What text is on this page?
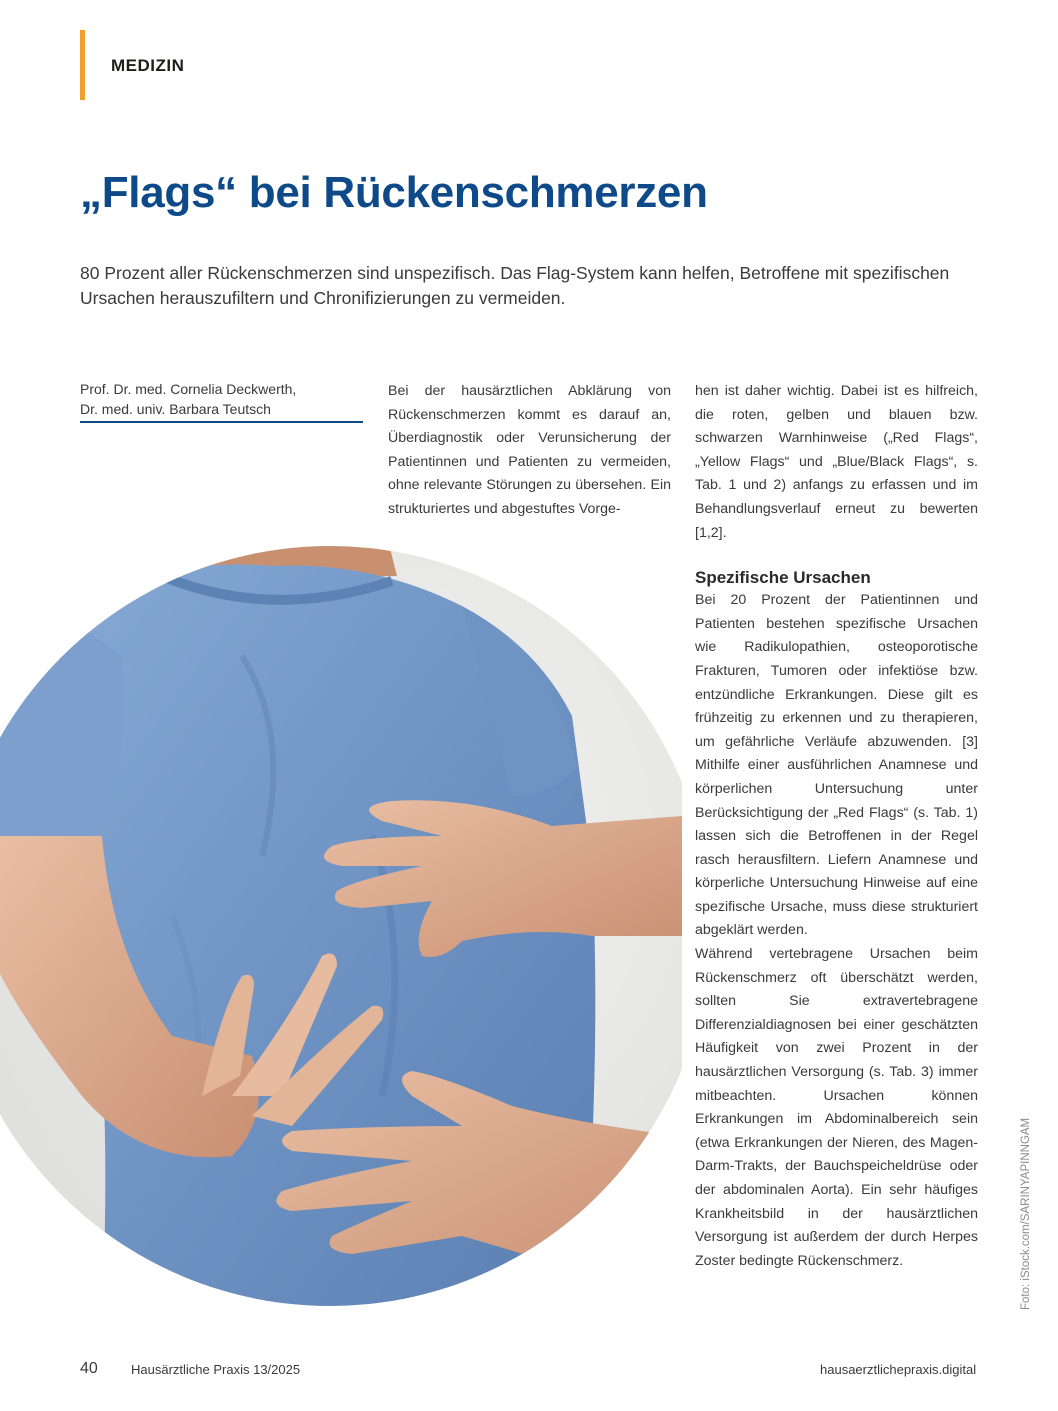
MEDIZIN
„Flags“ bei Rückenschmerzen
80 Prozent aller Rückenschmerzen sind unspezifisch. Das Flag-System kann helfen, Betroffene mit spezifischen Ursachen herauszufiltern und Chronifizierungen zu vermeiden.
Prof. Dr. med. Cornelia Deckwerth,
Dr. med. univ. Barbara Teutsch

Bei der hausärztlichen Abklärung von Rückenschmerzen kommt es darauf an, Überdiagnostik oder Verunsicherung der Patientinnen und Patienten zu vermeiden, ohne relevante Störungen zu übersehen. Ein strukturiertes und abgestuftes Vorge-

hen ist daher wichtig. Dabei ist es hilfreich, die roten, gelben und blauen bzw. schwarzen Warnhinweise („Red Flags“, „Yellow Flags“ und „Blue/Black Flags“, s. Tab. 1 und 2) anfangs zu erfassen und im Behandlungsverlauf erneut zu bewerten [1,2].

Spezifische Ursachen

Bei 20 Prozent der Patientinnen und Patienten bestehen spezifische Ursachen wie Radikulopathien, osteoporotische Frakturen, Tumoren oder infektiöse bzw. entzündliche Erkrankungen. Diese gilt es frühzeitig zu erkennen und zu therapieren, um gefährliche Verläufe abzuwenden. [3] Mithilfe einer ausführlichen Anamnese und körperlichen Untersuchung unter Berücksichtigung der „Red Flags“ (s. Tab. 1) lassen sich die Betroffenen in der Regel rasch herausfiltern. Liefern Anamnese und körperliche Untersuchung Hinweise auf eine spezifische Ursache, muss diese strukturiert abgeklärt werden.

Während vertebragene Ursachen beim Rückenschmerz oft überschätzt werden, sollten Sie extravertebragene Differenzialdiagnosen bei einer geschätzten Häufigkeit von zwei Prozent in der hausärztlichen Versorgung (s. Tab. 3) immer mitbeachten. Ursachen können Erkrankungen im Abdominalbereich sein (etwa Erkrankungen der Nieren, des Magen-Darm-Trakts, der Bauchspeicheldrüse oder der abdominalen Aorta). Ein sehr häufiges Krankheitsbild in der hausärztlichen Versorgung ist außerdem der durch Herpes Zoster bedingte Rückenschmerz.	Foto: iStock.com/SARINYAPINNGAM
40	Hausärztliche Praxis 13/2025	hausaerztlichepraxis.digital
